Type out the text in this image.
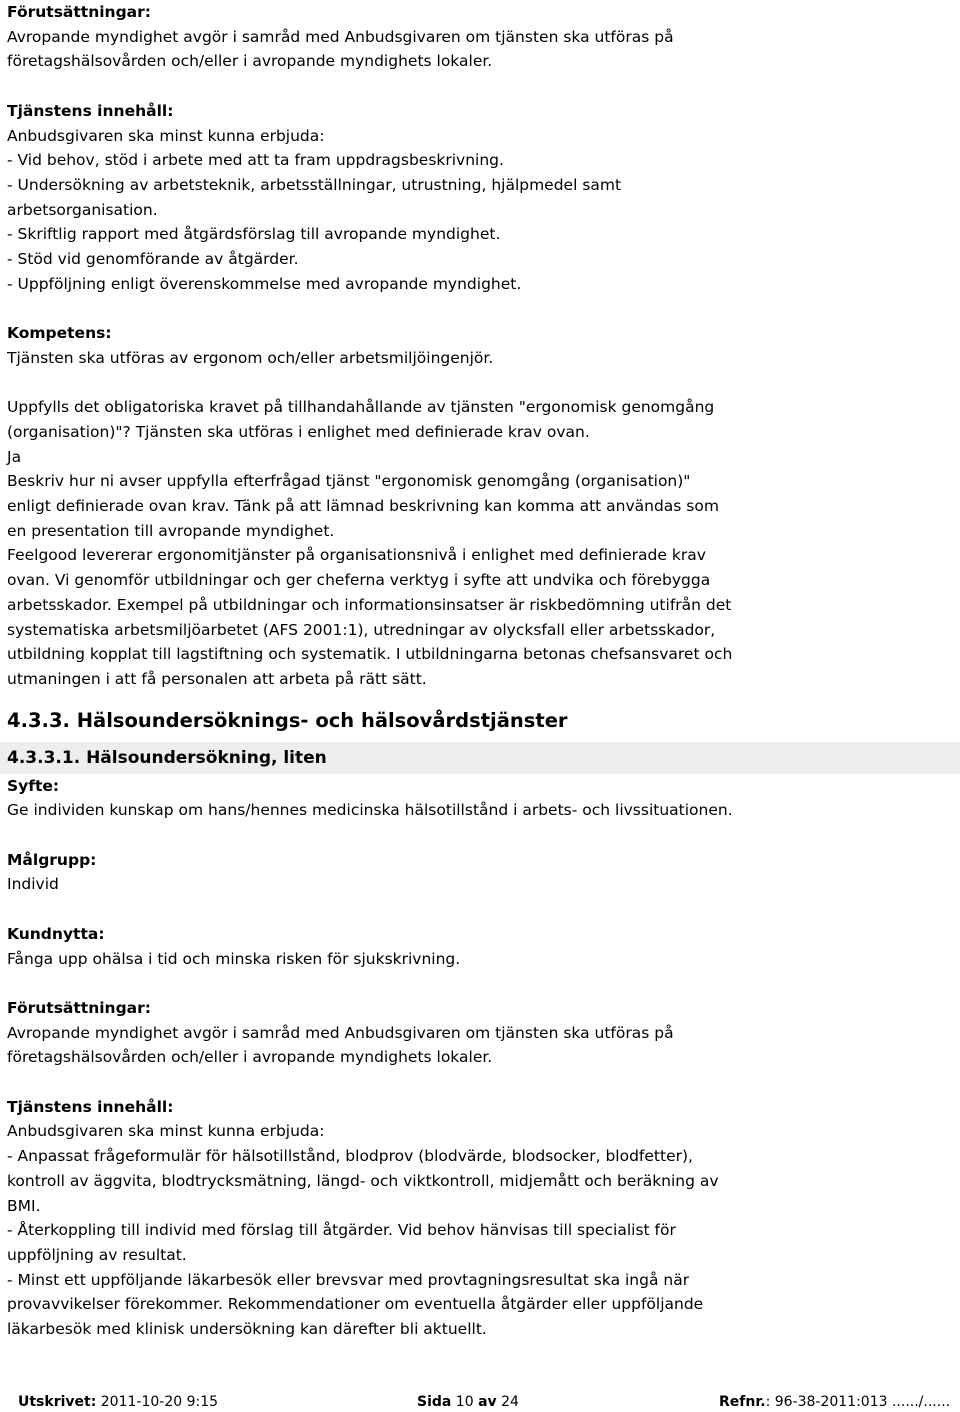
Förutsättningar:
Avropande myndighet avgör i samråd med Anbudsgivaren om tjänsten ska utföras på
företagshälsovården och/eller i avropande myndighets lokaler.
Tjänstens innehåll:
Anbudsgivaren ska minst kunna erbjuda:
- Vid behov, stöd i arbete med att ta fram uppdragsbeskrivning.
- Undersökning av arbetsteknik, arbetsställningar, utrustning, hjälpmedel samt
arbetsorganisation.
- Skriftlig rapport med åtgärdsförslag till avropande myndighet.
- Stöd vid genomförande av åtgärder.
- Uppföljning enligt överenskommelse med avropande myndighet.
Kompetens:
Tjänsten ska utföras av ergonom och/eller arbetsmiljöingenjör.
Uppfylls det obligatoriska kravet på tillhandahållande av tjänsten "ergonomisk genomgång
(organisation)"? Tjänsten ska utföras i enlighet med definierade krav ovan.
Ja
Beskriv hur ni avser uppfylla efterfrågad tjänst "ergonomisk genomgång (organisation)"
enligt definierade ovan krav. Tänk på att lämnad beskrivning kan komma att användas som
en presentation till avropande myndighet.
Feelgood levererar ergonomitjänster på organisationsnivå i enlighet med definierade krav
ovan. Vi genomför utbildningar och ger cheferna verktyg i syfte att undvika och förebygga
arbetsskador. Exempel på utbildningar och informationsinsatser är riskbedömning utifrån det
systematiska arbetsmiljöarbetet (AFS 2001:1), utredningar av olycksfall eller arbetsskador,
utbildning kopplat till lagstiftning och systematik. I utbildningarna betonas chefsansvaret och
utmaningen i att få personalen att arbeta på rätt sätt.
4.3.3. Hälsoundersöknings- och hälsovårdstjänster
4.3.3.1. Hälsoundersökning, liten
Syfte:
Ge individen kunskap om hans/hennes medicinska hälsotillstånd i arbets- och livssituationen.
Målgrupp:
Individ
Kundnytta:
Fånga upp ohälsa i tid och minska risken för sjukskrivning.
Förutsättningar:
Avropande myndighet avgör i samråd med Anbudsgivaren om tjänsten ska utföras på
företagshälsovården och/eller i avropande myndighets lokaler.
Tjänstens innehåll:
Anbudsgivaren ska minst kunna erbjuda:
- Anpassat frågeformulär för hälsotillstånd, blodprov (blodvärde, blodsocker, blodfetter),
kontroll av äggvita, blodtrycksmätning, längd- och viktkontroll, midjemått och beräkning av
BMI.
- Återkoppling till individ med förslag till åtgärder. Vid behov hänvisas till specialist för
uppföljning av resultat.
- Minst ett uppföljande läkarbesök eller brevsvar med provtagningsresultat ska ingå när
provavvikelser förekommer. Rekommendationer om eventuella åtgärder eller uppföljande
läkarbesök med klinisk undersökning kan därefter bli aktuellt.
Utskrivet: 2011-10-20 9:15	Sida 10 av 24	Refnr.: 96-38-2011:013 ....../......
